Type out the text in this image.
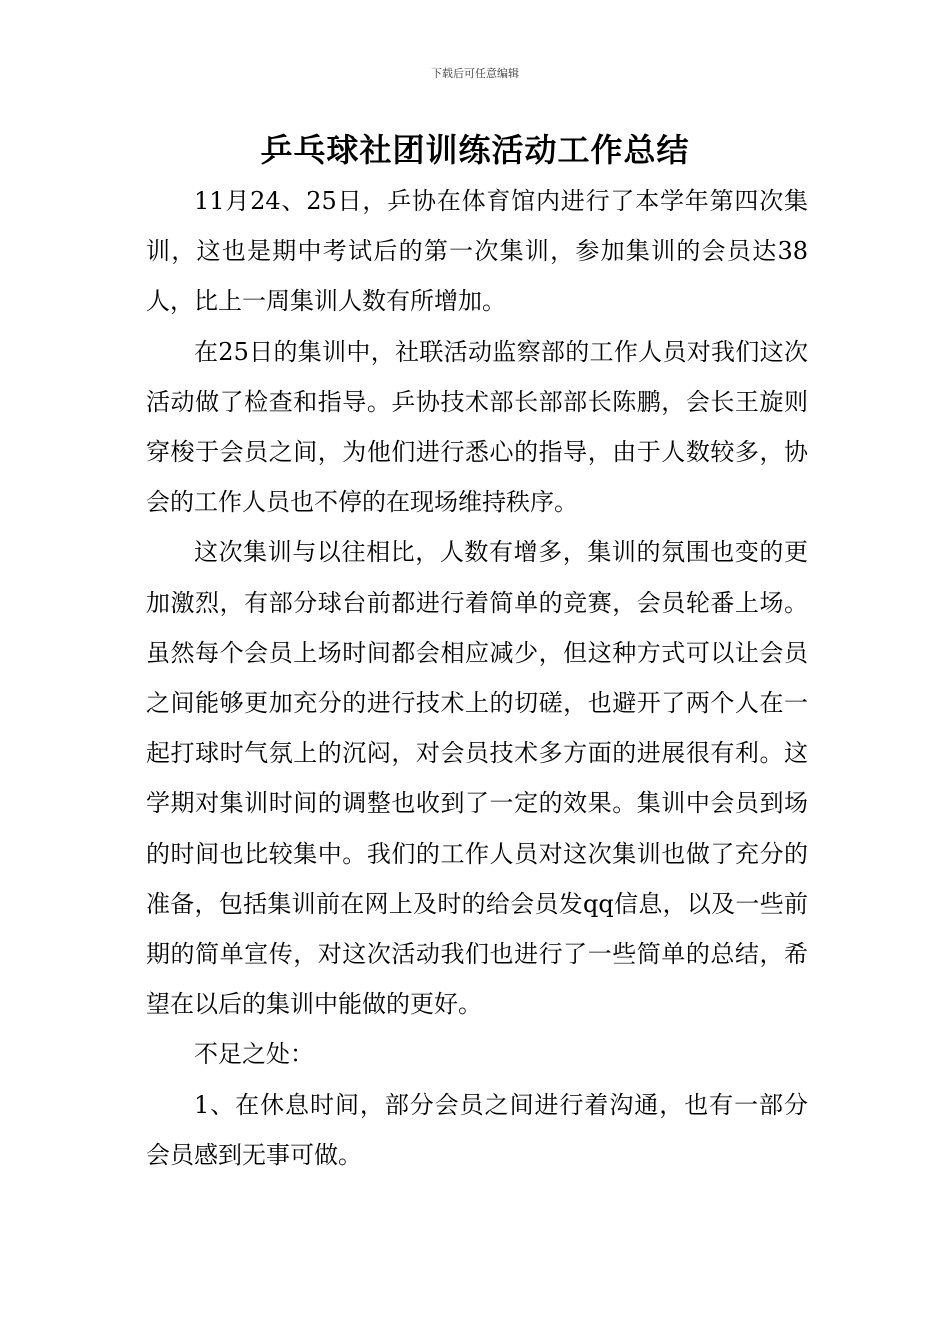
下载后可任意编辑
乒乓球社团训练活动工作总结

11月24、25日，乒协在体育馆内进行了本学年第四次集训，这也是期中考试后的第一次集训，参加集训的会员达38人，比上一周集训人数有所增加。

在25日的集训中，社联活动监察部的工作人员对我们这次活动做了检查和指导。乒协技术部长部部长陈鹏，会长王旋则穿梭于会员之间，为他们进行悉心的指导，由于人数较多，协会的工作人员也不停的在现场维持秩序。

这次集训与以往相比，人数有增多，集训的氛围也变的更加激烈，有部分球台前都进行着简单的竞赛，会员轮番上场。虽然每个会员上场时间都会相应减少，但这种方式可以让会员之间能够更加充分的进行技术上的切磋，也避开了两个人在一起打球时气氛上的沉闷，对会员技术多方面的进展很有利。这学期对集训时间的调整也收到了一定的效果。集训中会员到场的时间也比较集中。我们的工作人员对这次集训也做了充分的准备，包括集训前在网上及时的给会员发qq信息，以及一些前期的简单宣传，对这次活动我们也进行了一些简单的总结，希望在以后的集训中能做的更好。

不足之处：

1、在休息时间，部分会员之间进行着沟通，也有一部分会员感到无事可做。
